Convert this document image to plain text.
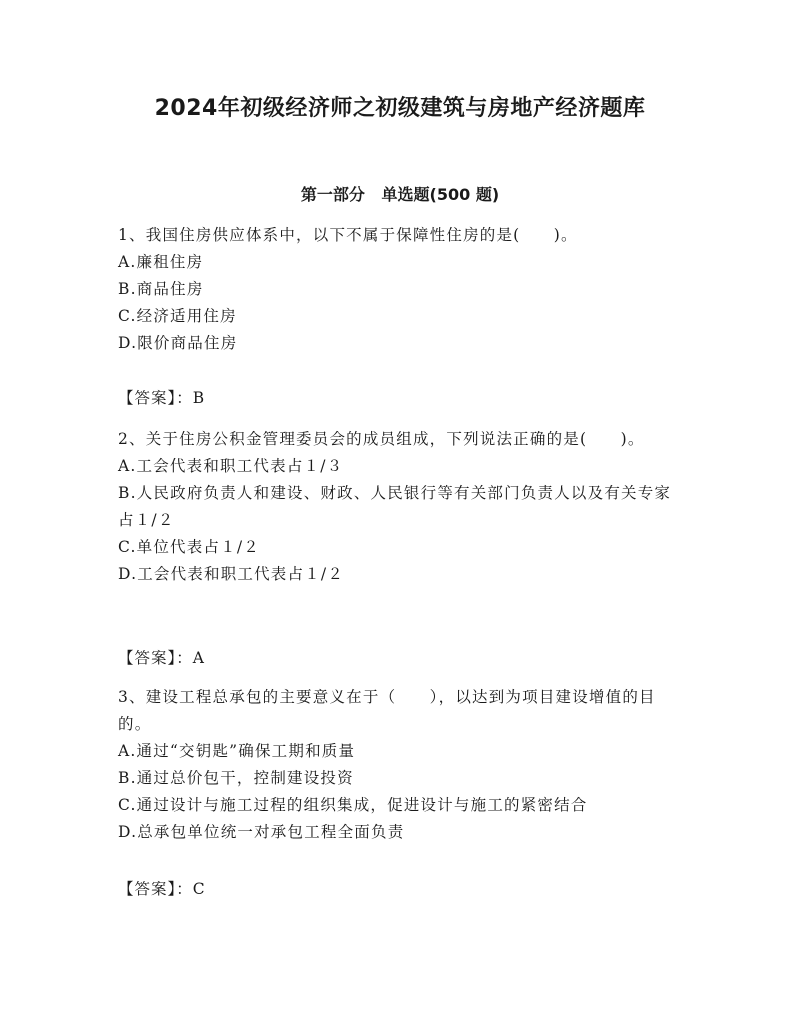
2024年初级经济师之初级建筑与房地产经济题库
第一部分   单选题(500 题)

1、我国住房供应体系中，以下不属于保障性住房的是(　　)。

A.廉租住房

B.商品住房

C.经济适用住房

D.限价商品住房

【答案】：B

2、关于住房公积金管理委员会的成员组成，下列说法正确的是(　　)。

A.工会代表和职工代表占１/３

B.人民政府负责人和建设、财政、人民银行等有关部门负责人以及有关专家占１/２

C.单位代表占１/２

D.工会代表和职工代表占１/２

【答案】：A

3、建设工程总承包的主要意义在于（　　），以达到为项目建设增值的目的。

A.通过“交钥匙”确保工期和质量

B.通过总价包干，控制建设投资

C.通过设计与施工过程的组织集成，促进设计与施工的紧密结合

D.总承包单位统一对承包工程全面负责

【答案】：C
